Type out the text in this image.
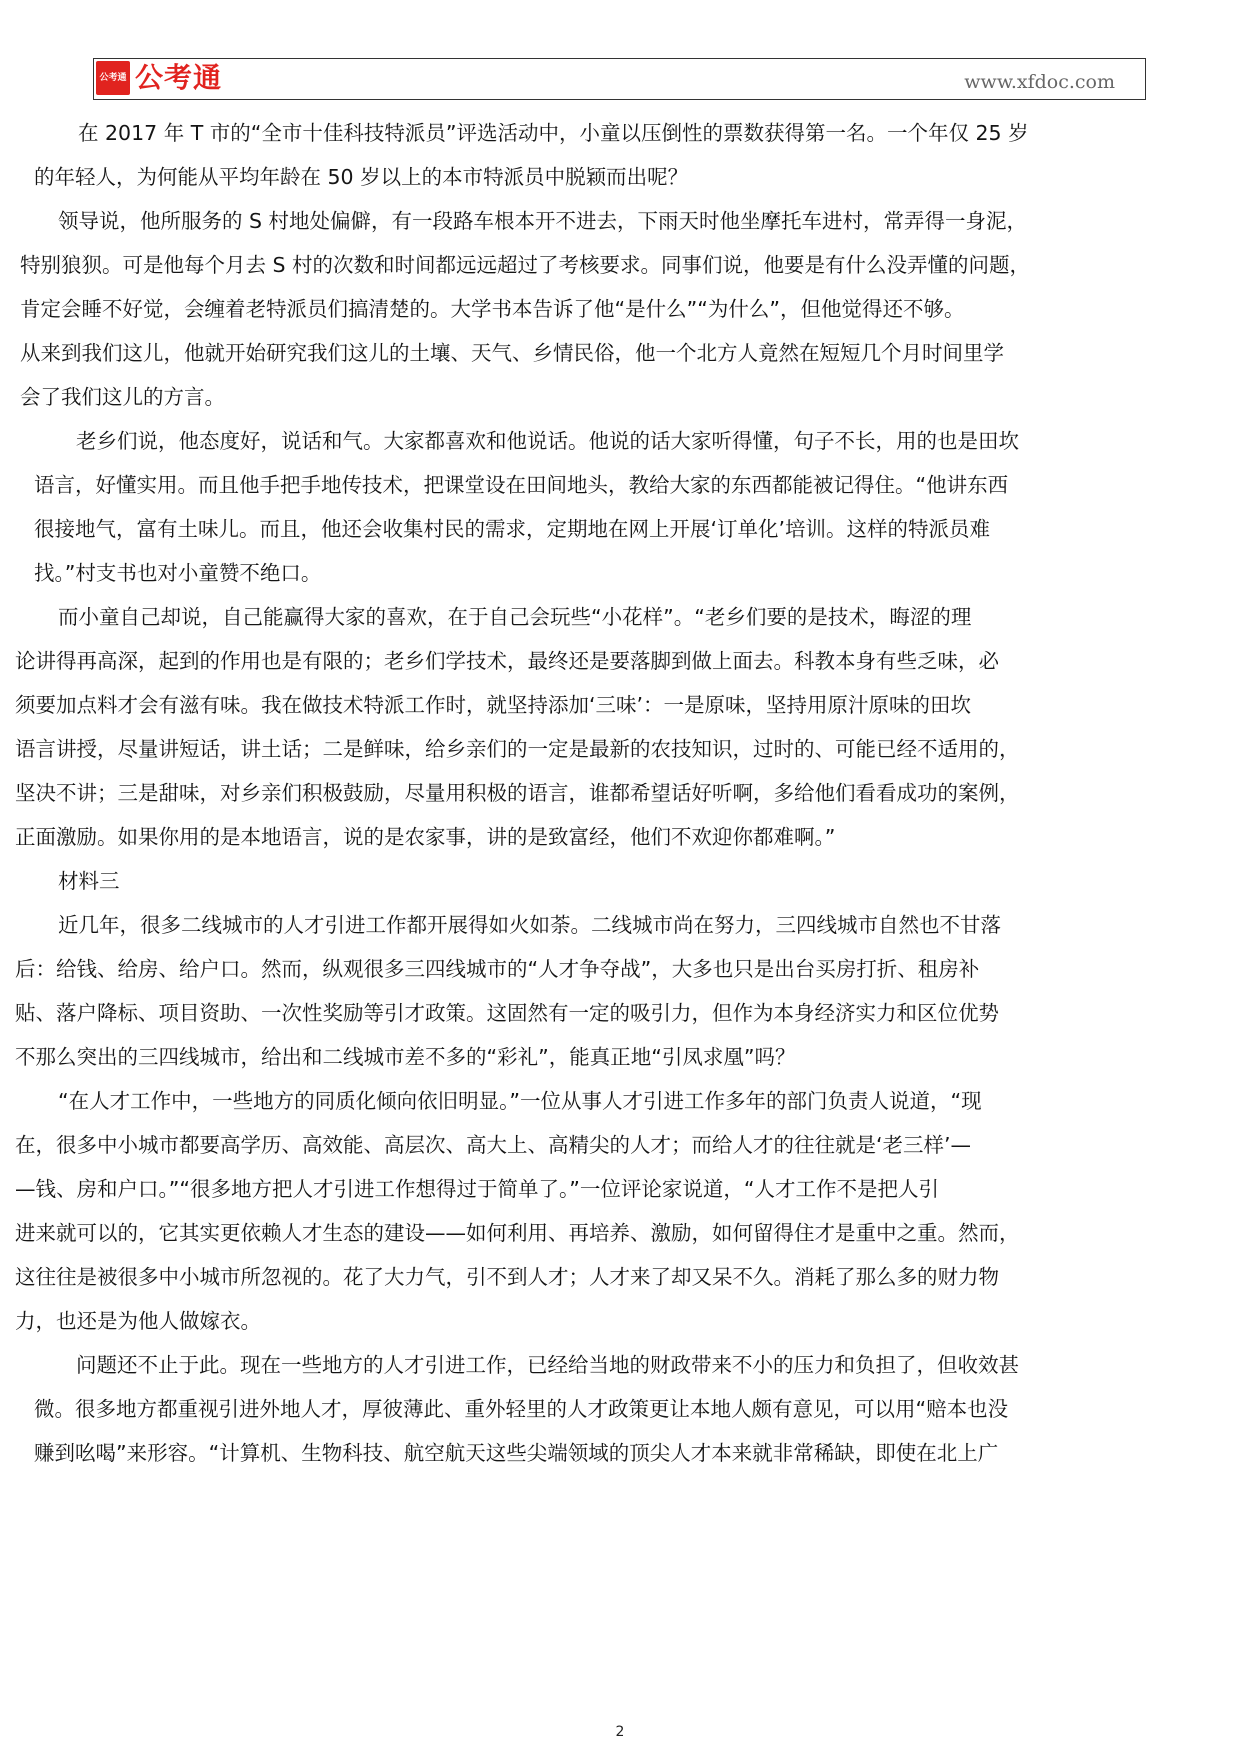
公考通 公考通	www.xfdoc.com
在 2017 年 T 市的“全市十佳科技特派员”评选活动中，小童以压倒性的票数获得第一名。一个年仅 25 岁
的年轻人，为何能从平均年龄在 50 岁以上的本市特派员中脱颖而出呢？
领导说，他所服务的 S 村地处偏僻，有一段路车根本开不进去，下雨天时他坐摩托车进村，常弄得一身泥，
特别狼狈。可是他每个月去 S 村的次数和时间都远远超过了考核要求。同事们说，他要是有什么没弄懂的问题，
肯定会睡不好觉，会缠着老特派员们搞清楚的。大学书本告诉了他“是什么”“为什么”，但他觉得还不够。
从来到我们这儿，他就开始研究我们这儿的土壤、天气、乡情民俗，他一个北方人竟然在短短几个月时间里学
会了我们这儿的方言。
老乡们说，他态度好，说话和气。大家都喜欢和他说话。他说的话大家听得懂，句子不长，用的也是田坎
语言，好懂实用。而且他手把手地传技术，把课堂设在田间地头，教给大家的东西都能被记得住。“他讲东西
很接地气，富有土味儿。而且，他还会收集村民的需求，定期地在网上开展‘订单化’培训。这样的特派员难
找。”村支书也对小童赞不绝口。
而小童自己却说，自己能赢得大家的喜欢，在于自己会玩些“小花样”。“老乡们要的是技术，晦涩的理
论讲得再高深，起到的作用也是有限的；老乡们学技术，最终还是要落脚到做上面去。科教本身有些乏味，必
须要加点料才会有滋有味。我在做技术特派工作时，就坚持添加‘三味’：一是原味，坚持用原汁原味的田坎
语言讲授，尽量讲短话，讲土话；二是鲜味，给乡亲们的一定是最新的农技知识，过时的、可能已经不适用的，
坚决不讲；三是甜味，对乡亲们积极鼓励，尽量用积极的语言，谁都希望话好听啊，多给他们看看成功的案例，
正面激励。如果你用的是本地语言，说的是农家事，讲的是致富经，他们不欢迎你都难啊。”
材料三
近几年，很多二线城市的人才引进工作都开展得如火如荼。二线城市尚在努力，三四线城市自然也不甘落
后：给钱、给房、给户口。然而，纵观很多三四线城市的“人才争夺战”，大多也只是出台买房打折、租房补
贴、落户降标、项目资助、一次性奖励等引才政策。这固然有一定的吸引力，但作为本身经济实力和区位优势
不那么突出的三四线城市，给出和二线城市差不多的“彩礼”，能真正地“引凤求凰”吗？
“在人才工作中，一些地方的同质化倾向依旧明显。”一位从事人才引进工作多年的部门负责人说道，“现
在，很多中小城市都要高学历、高效能、高层次、高大上、高精尖的人才；而给人才的往往就是‘老三样’—
—钱、房和户口。”“很多地方把人才引进工作想得过于简单了。”一位评论家说道，“人才工作不是把人引
进来就可以的，它其实更依赖人才生态的建设——如何利用、再培养、激励，如何留得住才是重中之重。然而，
这往往是被很多中小城市所忽视的。花了大力气，引不到人才；人才来了却又呆不久。消耗了那么多的财力物
力，也还是为他人做嫁衣。
问题还不止于此。现在一些地方的人才引进工作，已经给当地的财政带来不小的压力和负担了，但收效甚
微。很多地方都重视引进外地人才，厚彼薄此、重外轻里的人才政策更让本地人颇有意见，可以用“赔本也没
赚到吆喝”来形容。“计算机、生物科技、航空航天这些尖端领域的顶尖人才本来就非常稀缺，即使在北上广
2
